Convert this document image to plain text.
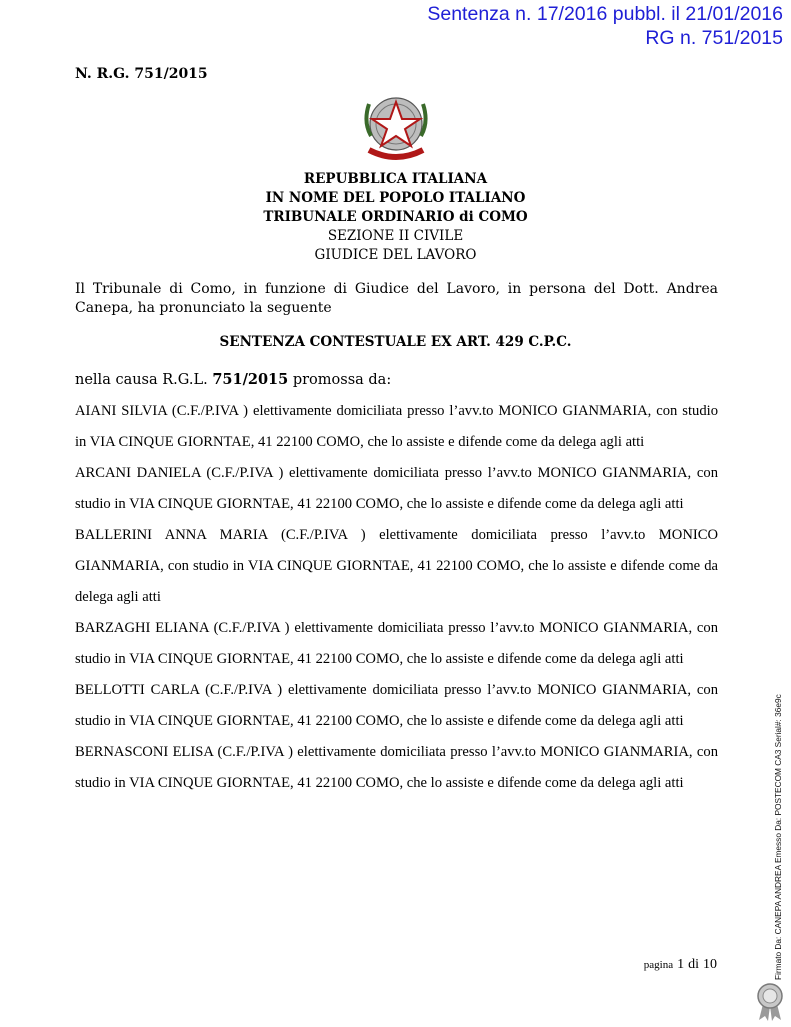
Sentenza n. 17/2016 pubbl. il 21/01/2016
RG n. 751/2015
N. R.G. 751/2015
REPUBBLICA ITALIANA
IN NOME DEL POPOLO ITALIANO
TRIBUNALE ORDINARIO di COMO
SEZIONE II CIVILE
GIUDICE DEL LAVORO
Il Tribunale di Como, in funzione di Giudice del Lavoro, in persona del Dott. Andrea Canepa, ha pronunciato la seguente
SENTENZA CONTESTUALE EX ART. 429 C.P.C.
nella causa R.G.L. 751/2015 promossa da:

AIANI SILVIA (C.F./P.IVA ) elettivamente domiciliata presso l’avv.to MONICO GIANMARIA, con studio in VIA CINQUE GIORNTAE, 41 22100 COMO, che lo assiste e difende come da delega agli atti

ARCANI DANIELA (C.F./P.IVA ) elettivamente domiciliata presso l’avv.to MONICO GIANMARIA, con studio in VIA CINQUE GIORNTAE, 41 22100 COMO, che lo assiste e difende come da delega agli atti

BALLERINI ANNA MARIA (C.F./P.IVA ) elettivamente domiciliata presso l’avv.to MONICO GIANMARIA, con studio in VIA CINQUE GIORNTAE, 41 22100 COMO, che lo assiste e difende come da delega agli atti

BARZAGHI ELIANA (C.F./P.IVA ) elettivamente domiciliata presso l’avv.to MONICO GIANMARIA, con studio in VIA CINQUE GIORNTAE, 41 22100 COMO, che lo assiste e difende come da delega agli atti

BELLOTTI CARLA (C.F./P.IVA ) elettivamente domiciliata presso l’avv.to MONICO GIANMARIA, con studio in VIA CINQUE GIORNTAE, 41 22100 COMO, che lo assiste e difende come da delega agli atti

BERNASCONI ELISA (C.F./P.IVA ) elettivamente domiciliata presso l’avv.to MONICO GIANMARIA, con studio in VIA CINQUE GIORNTAE, 41 22100 COMO, che lo assiste e difende come da delega agli atti

pagina 1 di 10	Firmato Da: CANEPA ANDREA Emesso Da: POSTECOM CA3 Serial#: 36e9c
